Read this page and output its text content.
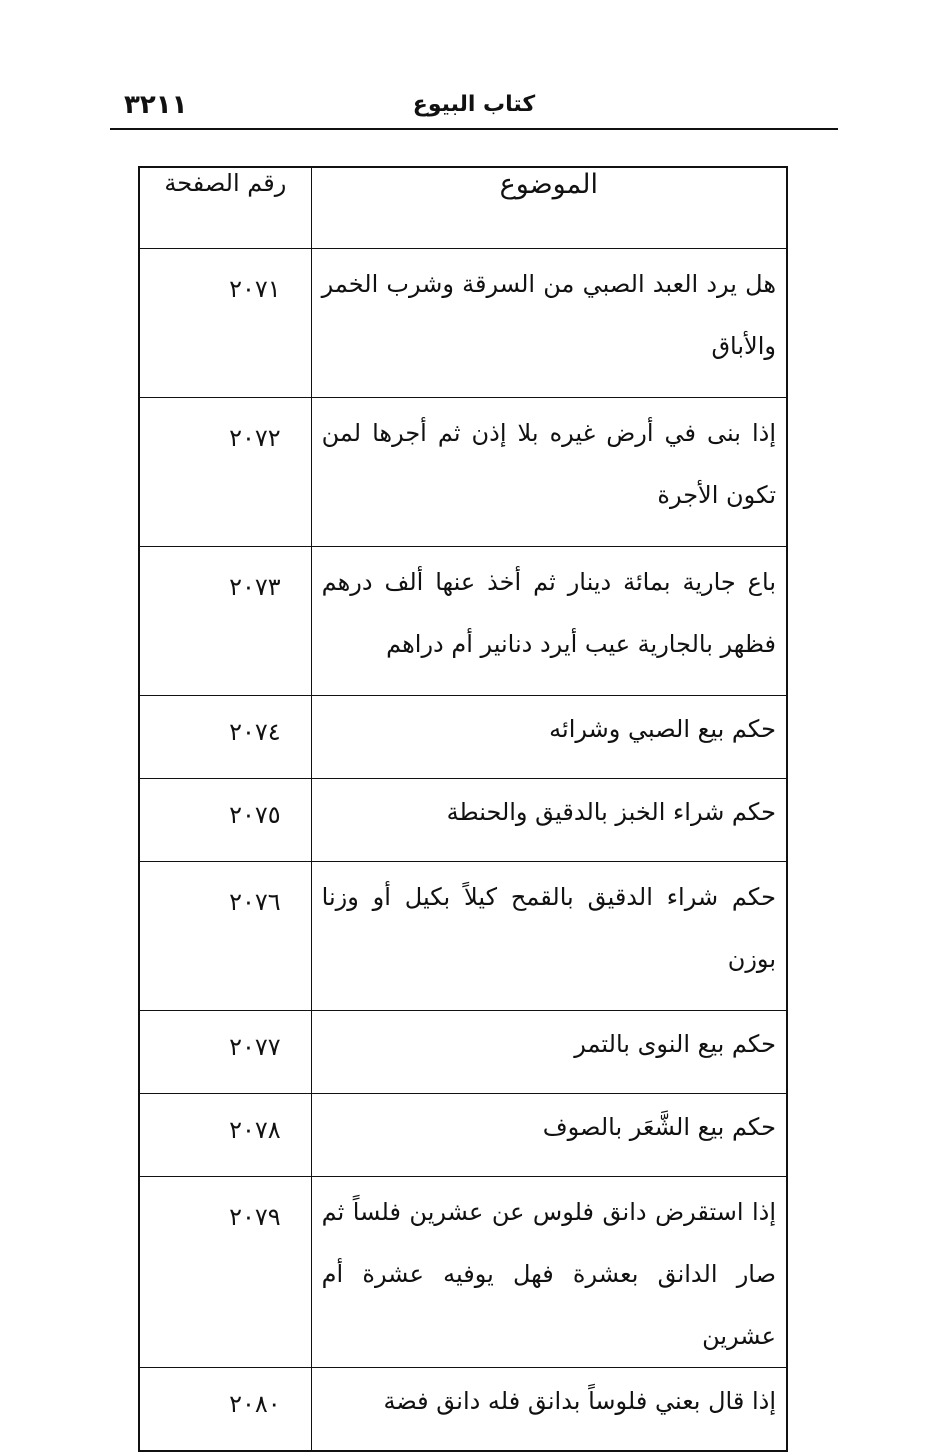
٣٢١١	كتاب البيوع
الموضوع	رقم الصفحة
هل يرد العبد الصبي من السرقة وشرب الخمر والأباق	٢٠٧١
إذا بنى في أرض غيره بلا إذن ثم أجرها لمن تكون الأجرة	٢٠٧٢
باع جارية بمائة دينار ثم أخذ عنها ألف درهم فظهر بالجارية عيب أيرد دنانير أم دراهم	٢٠٧٣
حكم بيع الصبي وشرائه	٢٠٧٤
حكم شراء الخبز بالدقيق والحنطة	٢٠٧٥
حكم شراء الدقيق بالقمح كيلاً بكيل أو وزنا بوزن	٢٠٧٦
حكم بيع النوى بالتمر	٢٠٧٧
حكم بيع الشَّعَر بالصوف	٢٠٧٨
إذا استقرض دانق فلوس عن عشرين فلساً ثم صار الدانق بعشرة فهل يوفيه عشرة أم عشرين	٢٠٧٩
إذا قال بعني فلوساً بدانق فله دانق فضة	٢٠٨٠
